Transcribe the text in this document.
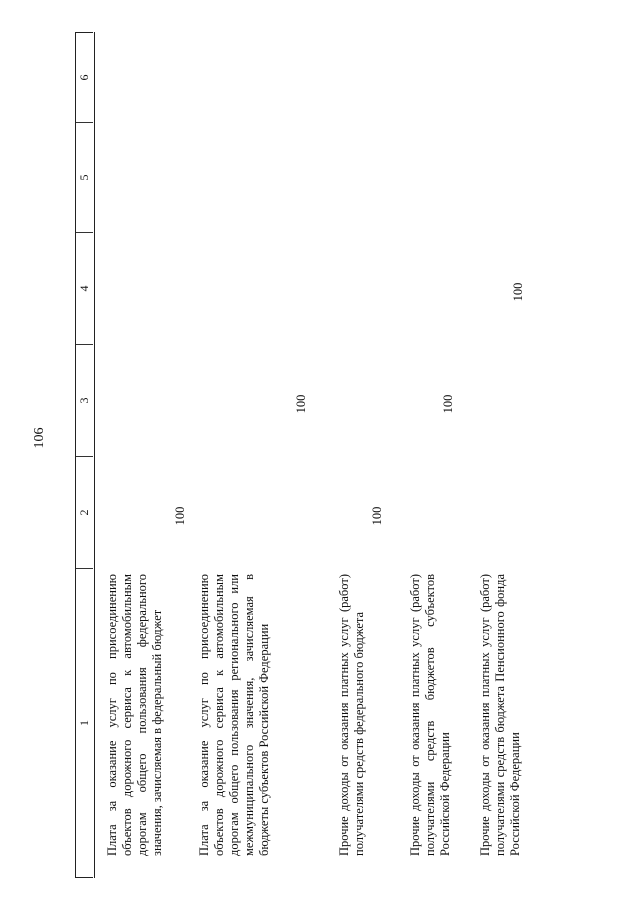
106
1
2
3
4
5
6
Плата за оказание услуг по присоединению объектов дорожного сервиса к автомобильным дорогам общего пользования федерального значения, зачисляемая в федеральный бюджет
100
Плата за оказание услуг по присоединению объектов дорожного сервиса к автомобильным дорогам общего пользования регионального или межмуниципального значения, зачисляемая в бюджеты субъектов Российской Федерации
100
Прочие доходы от оказания платных услуг (работ) получателями средств федерального бюджета
100
Прочие доходы от оказания платных услуг (работ) получателями средств бюджетов субъектов Российской Федерации
100
Прочие доходы от оказания платных услуг (работ) получателями средств бюджета Пенсионного фонда Российской Федерации
100
